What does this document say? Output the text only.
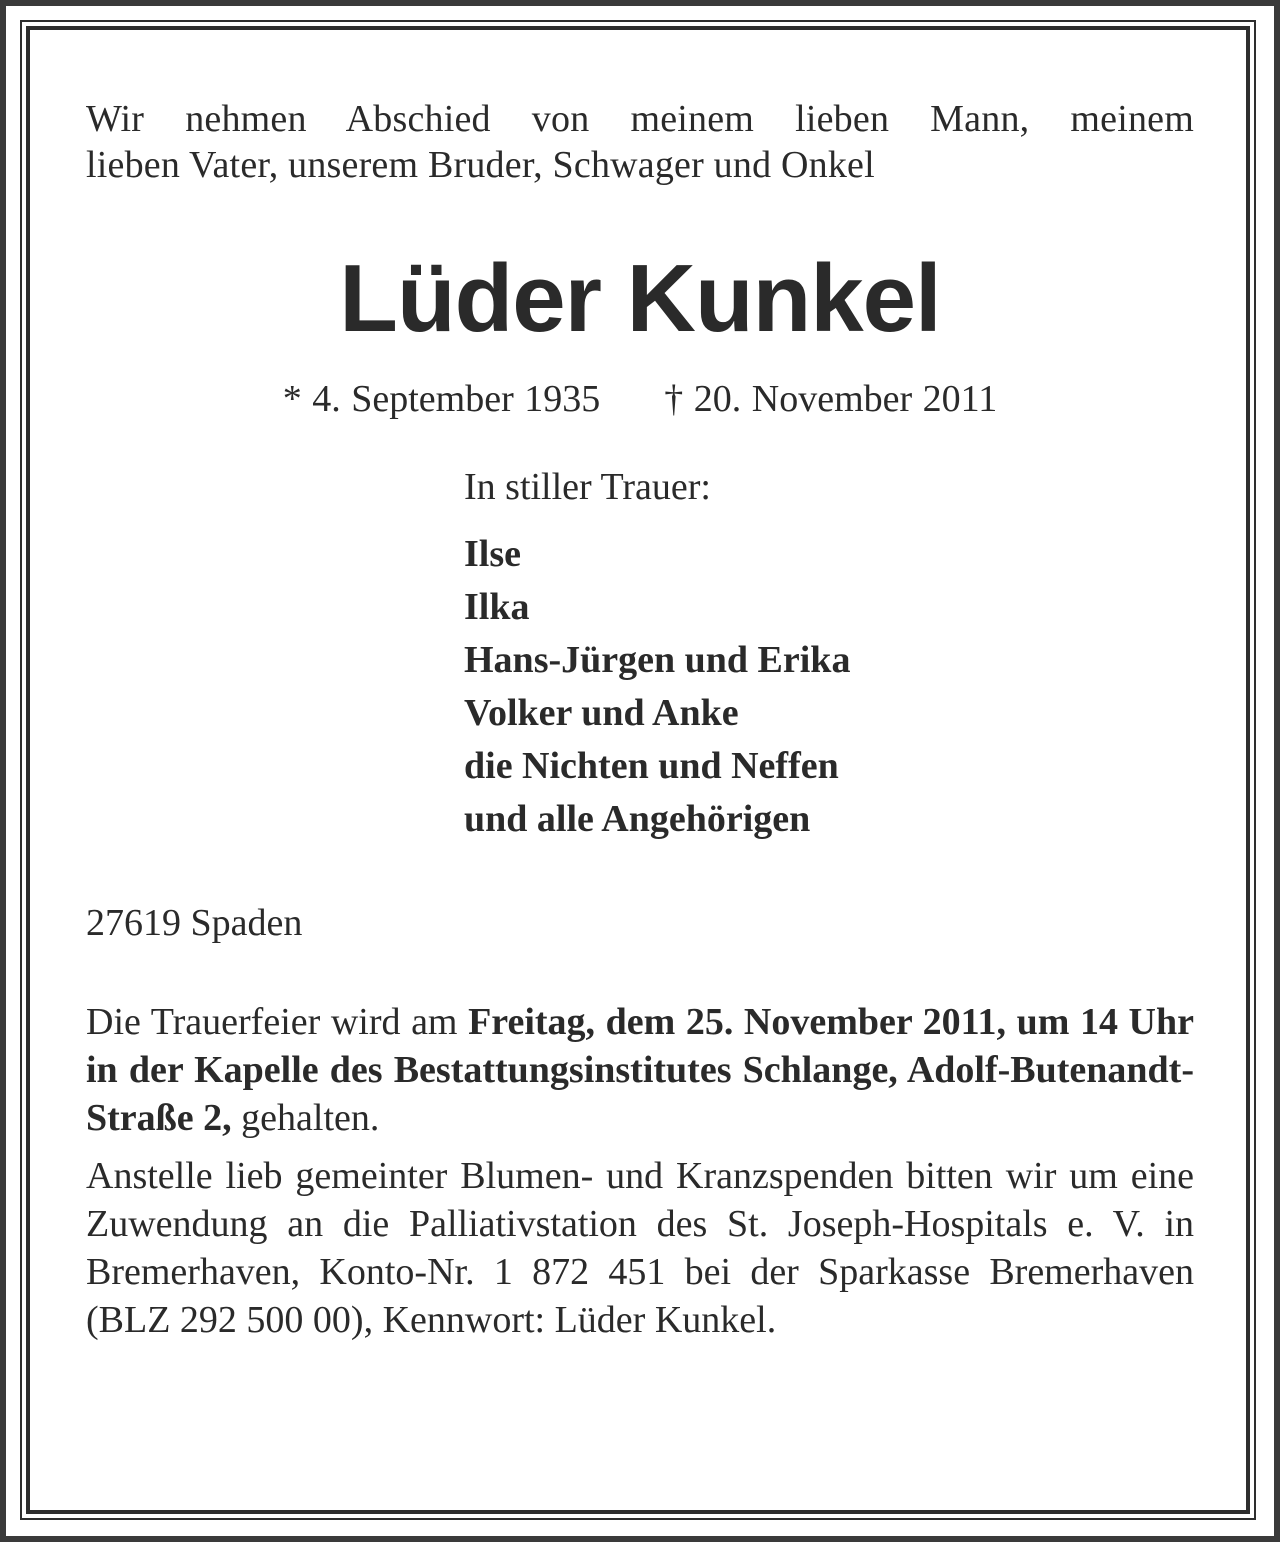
Wir nehmen Abschied von meinem lieben Mann, meinem
lieben Vater, unserem Bruder, Schwager und Onkel

Lüder Kunkel
* 4. September 1935 † 20. November 2011

In stiller Trauer:

Ilse

Ilka

Hans-Jürgen und Erika

Volker und Anke

die Nichten und Neffen

und alle Angehörigen

27619 Spaden
Die Trauerfeier wird am Freitag, dem 25. November 2011, um 14 Uhr in der Kapelle des Bestattungsinstitutes Schlange, Adolf-Butenandt-Straße 2, gehalten.
Anstelle lieb gemeinter Blumen- und Kranzspenden bitten wir um eine Zuwendung an die Palliativstation des St. Joseph-Hospitals e. V. in Bremerhaven, Konto-Nr. 1 872 451 bei der Sparkasse Bremerhaven (BLZ 292 500 00), Kennwort: Lüder Kunkel.
